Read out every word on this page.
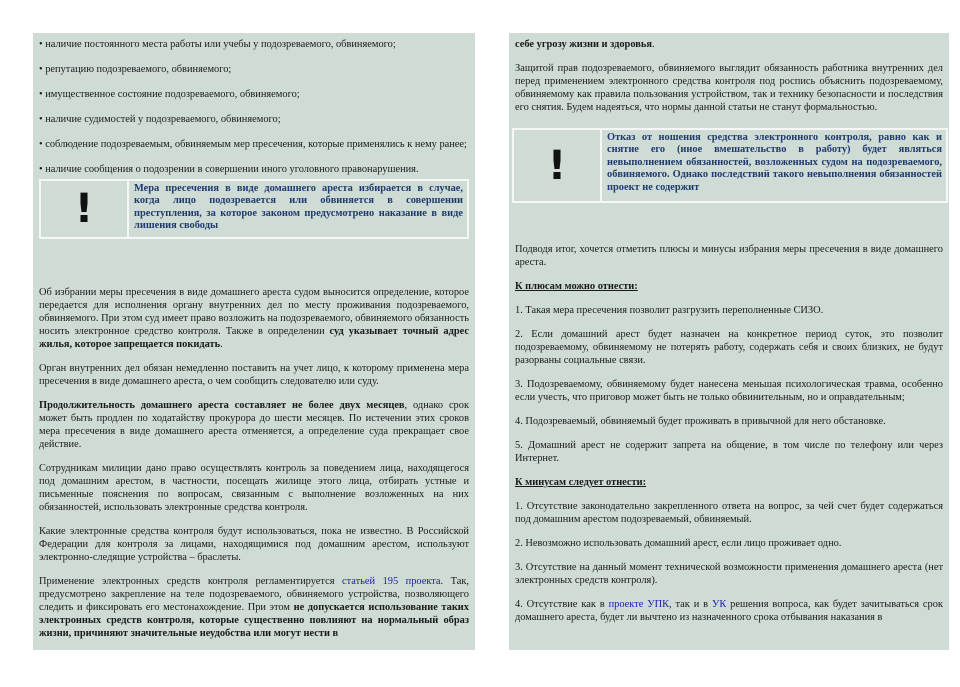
• наличие постоянного места работы или учебы у подозреваемого, обвиняемого;

• репутацию подозреваемого, обвиняемого;

• имущественное состояние подозреваемого, обвиняемого;

• наличие судимостей у подозреваемого, обвиняемого;

• соблюдение подозреваемым, обвиняемым мер пресечения, которые применялись к нему ранее;

• наличие сообщения о подозрении в совершении иного уголовного правонарушения.

!	Мера пресечения в виде домашнего ареста избирается в случае, когда лицо подозревается или обвиняется в совершении преступления, за которое законом предусмотрено наказание в виде лишения свободы

Об избрании меры пресечения в виде домашнего ареста судом выносится определение, которое передается для исполнения органу внутренних дел по месту проживания подозреваемого, обвиняемого. При этом суд имеет право возложить на подозреваемого, обвиняемого обязанность носить электронное средство контроля. Также в определении суд указывает точный адрес жилья, которое запрещается покидать.

Орган внутренних дел обязан немедленно поставить на учет лицо, к которому применена мера пресечения в виде домашнего ареста, о чем сообщить следователю или суду.

Продолжительность домашнего ареста составляет не более двух месяцев, однако срок может быть продлен по ходатайству прокурора до шести месяцев. По истечении этих сроков мера пресечения в виде домашнего ареста отменяется, а определение суда прекращает свое действие.

Сотрудникам милиции дано право осуществлять контроль за поведением лица, находящегося под домашним арестом, в частности, посещать жилище этого лица, отбирать устные и письменные пояснения по вопросам, связанным с выполнение возложенных на них обязанностей, использовать электронные средства контроля.

Какие электронные средства контроля будут использоваться, пока не известно. В Российской Федерации для контроля за лицами, находящимися под домашним арестом, используют электронно-следящие устройства – браслеты.

Применение электронных средств контроля регламентируется статьей 195 проекта. Так, предусмотрено закрепление на теле подозреваемого, обвиняемого устройства, позволяющего следить и фиксировать его местонахождение. При этом не допускается использование таких электронных средств контроля, которые существенно повлияют на нормальный образ жизни, причиняют значительные неудобства или могут нести в

себе угрозу жизни и здоровья.

Защитой прав подозреваемого, обвиняемого выглядит обязанность работника внутренних дел перед применением электронного средства контроля под роспись объяснить подозреваемому, обвиняемому как правила пользования устройством, так и технику безопасности и последствия его снятия. Будем надеяться, что нормы данной статьи не станут формальностью.

!
Отказ от ношения средства электронного контроля, равно как и снятие его (иное вмешательство в работу) будет являться невыполнением обязанностей, возложенных судом на подозреваемого, обвиняемого. Однако последствий такого невыполнения обязанностей проект не содержит

Подводя итог, хочется отметить плюсы и минусы избрания меры пресечения в виде домашнего ареста.

К плюсам можно отнести:

1. Такая мера пресечения позволит разгрузить переполненные СИЗО.

2. Если домашний арест будет назначен на конкретное период суток, это позволит подозреваемому, обвиняемому не потерять работу, содержать себя и своих близких, не будут разорваны социальные связи.

3. Подозреваемому, обвиняемому будет нанесена меньшая психологическая травма, особенно если учесть, что приговор может быть не только обвинительным, но и оправдательным;

4. Подозреваемый, обвиняемый будет проживать в привычной для него обстановке.

5. Домашний арест не содержит запрета на общение, в том числе по телефону или через Интернет.

К минусам следует отнести:

1. Отсутствие законодательно закрепленного ответа на вопрос, за чей счет будет содержаться под домашним арестом подозреваемый, обвиняемый.

2. Невозможно использовать домашний арест, если лицо проживает одно.

3. Отсутствие на данный момент технической возможности применения домашнего ареста (нет электронных средств контроля).

4. Отсутствие как в проекте УПК, так и в УК решения вопроса, как будет зачитываться срок домашнего ареста, будет ли вычтено из назначенного срока отбывания наказания в
